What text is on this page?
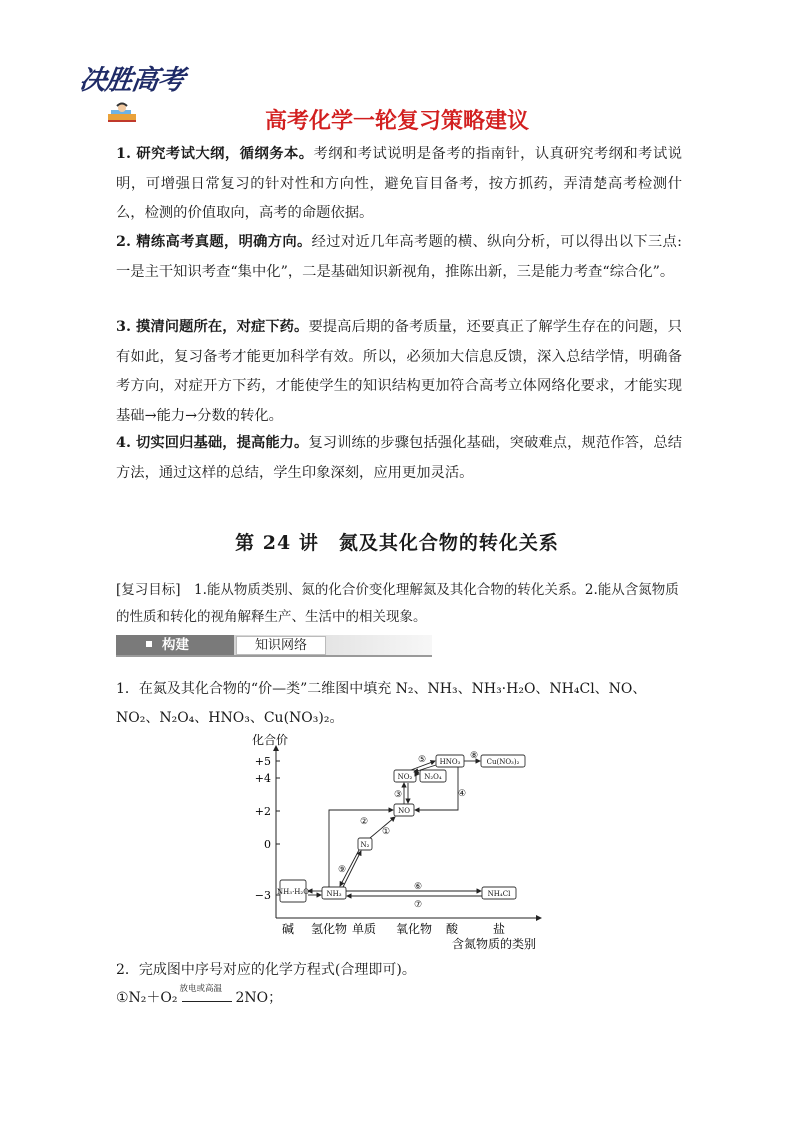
决胜高考
高考化学一轮复习策略建议
1. 研究考试大纲，循纲务本。考纲和考试说明是备考的指南针，认真研究考纲和考试说明，可增强日常复习的针对性和方向性，避免盲目备考，按方抓药，弄清楚高考检测什么，检测的价值取向，高考的命题依据。
2. 精练高考真题，明确方向。经过对近几年高考题的横、纵向分析，可以得出以下三点:一是主干知识考查“集中化”，二是基础知识新视角，推陈出新，三是能力考查“综合化”。
3. 摸清问题所在，对症下药。要提高后期的备考质量，还要真正了解学生存在的问题，只有如此，复习备考才能更加科学有效。所以，必须加大信息反馈，深入总结学情，明确备考方向，对症开方下药，才能使学生的知识结构更加符合高考立体网络化要求，才能实现基础→能力→分数的转化。
4. 切实回归基础，提高能力。复习训练的步骤包括强化基础，突破难点，规范作答，总结方法，通过这样的总结，学生印象深刻，应用更加灵活。
第 24 讲　氮及其化合物的转化关系
[复习目标]　1.能从物质类别、氮的化合价变化理解氮及其化合物的转化关系。2.能从含氮物质的性质和转化的视角解释生产、生活中的相关现象。
构建	知识网络
1．在氮及其化合物的“价—类”二维图中填充 N₂、NH₃、NH₃·H₂O、NH₄Cl、NO、NO₂、N₂O₄、HNO₃、Cu(NO₃)₂。
化合价
+5
+4
+2
0
−3
碱 氢化物 单质 氧化物 酸	盐
含氮物质的类别
NH₃·H₂O	NH₃
N₂
NO
NO₂ N₂O₄
HNO₃	Cu(NO₃)₂
NH₄Cl
①
②
③	④
⑤
⑥
⑦
⑧
⑨
2．完成图中序号对应的化学方程式(合理即可)。
①N₂＋O₂
放电或高温
2NO；
